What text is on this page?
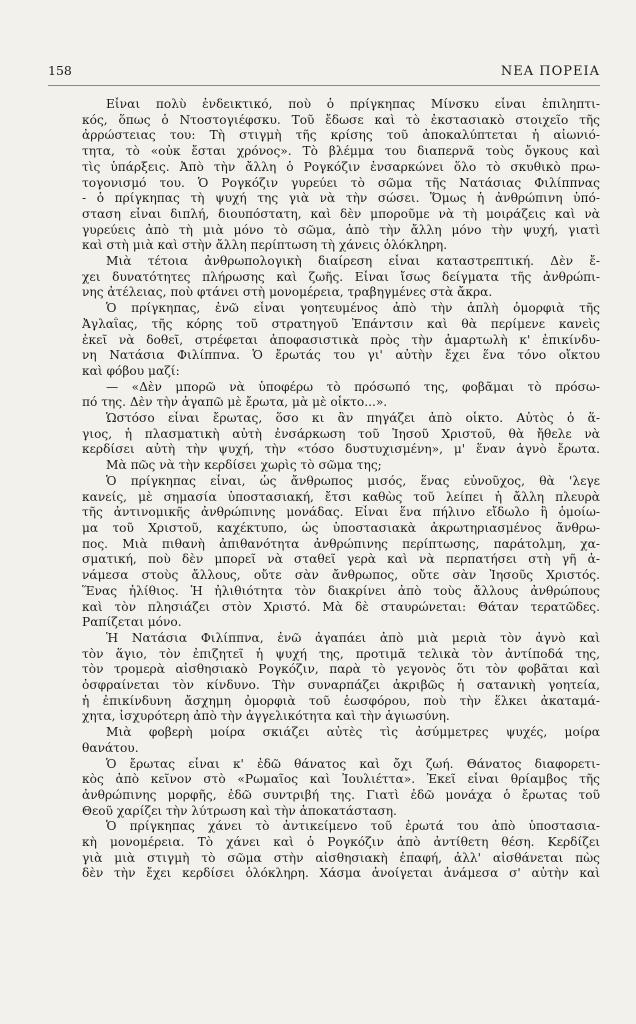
158	ΝΕΑ ΠΟΡΕΙΑ
Εἶναι πολὺ ἐνδεικτικό, ποὺ ὁ πρίγκηπας Μίνσκυ εἶναι ἐπιληπτι-
κός, ὅπως ὁ Ντοστογιέφσκυ. Τοῦ ἔδωσε καὶ τὸ ἐκστασιακὸ στοιχεῖο τῆς
ἀρρώστειας του: Τὴ στιγμὴ τῆς κρίσης τοῦ ἀποκαλύπτεται ἡ αἰωνιό-
τητα, τὸ «οὐκ ἔσται χρόνος». Τὸ βλέμμα του διαπερνᾶ τοὺς ὄγκους καὶ
τὶς ὑπάρξεις. Ἀπὸ τὴν ἄλλη ὁ Ρογκόζιν ἐνσαρκώνει ὅλο τὸ σκυθικὸ πρω-
τογονισμό του. Ὁ Ρογκόζιν γυρεύει τὸ σῶμα τῆς Νατάσιας Φιλίππνας
- ὁ πρίγκηπας τὴ ψυχή της γιὰ νὰ τὴν σώσει. Ὅμως ἡ ἀνθρώπινη ὑπό-
σταση εἶναι διπλή, διουπόστατη, καὶ δὲν μποροῦμε νὰ τὴ μοιράζεις καὶ νὰ
γυρεύεις ἀπὸ τὴ μιὰ μόνο τὸ σῶμα, ἀπὸ τὴν ἄλλη μόνο τὴν ψυχή, γιατὶ
καὶ στὴ μιὰ καὶ στὴν ἄλλη περίπτωση τὴ χάνεις ὁλόκληρη.
Μιὰ τέτοια ἀνθρωπολογικὴ διαίρεση εἶναι καταστρεπτική. Δὲν ἔ-
χει δυνατότητες πλήρωσης καὶ ζωῆς. Εἶναι ἴσως δείγματα τῆς ἀνθρώπι-
νης ἀτέλειας, ποὺ φτάνει στὴ μονομέρεια, τραβηγμένες στὰ ἄκρα.
Ὁ πρίγκηπας, ἐνῶ εἶναι γοητευμένος ἀπὸ τὴν ἁπλὴ ὀμορφιὰ τῆς
Ἀγλαΐας, τῆς κόρης τοῦ στρατηγοῦ Ἐπάντσιν καὶ θὰ περίμενε κανεὶς
ἐκεῖ νὰ δοθεῖ, στρέφεται ἀποφασιστικὰ πρὸς τὴν ἁμαρτωλὴ κ' ἐπικίνδυ-
νη Νατάσια Φιλίππνα. Ὁ ἔρωτάς του γι' αὐτὴν ἔχει ἕνα τόνο οἴκτου
καὶ φόβου μαζί:
— «Δὲν μπορῶ νὰ ὑποφέρω τὸ πρόσωπό της, φοβᾶμαι τὸ πρόσω-
πό της. Δὲν τὴν ἀγαπῶ μὲ ἔρωτα, μὰ μὲ οἶκτο...».
Ὡστόσο εἶναι ἔρωτας, ὅσο κι ἂν πηγάζει ἀπὸ οἶκτο. Αὐτὸς ὁ ἅ-
γιος, ἡ πλασματικὴ αὐτὴ ἐνσάρκωση τοῦ Ἰησοῦ Χριστοῦ, θὰ ἤθελε νὰ
κερδίσει αὐτὴ τὴν ψυχή, τὴν «τόσο δυστυχισμένη», μ' ἕναν ἁγνὸ ἔρωτα.
Μὰ πῶς νὰ τὴν κερδίσει χωρὶς τὸ σῶμα της;
Ὁ πρίγκηπας εἶναι, ὡς ἄνθρωπος μισός, ἕνας εὐνοῦχος, θὰ 'λεγε
κανείς, μὲ σημασία ὑποστασιακή, ἔτσι καθὼς τοῦ λείπει ἡ ἄλλη πλευρὰ
τῆς ἀντινομικῆς ἀνθρώπινης μονάδας. Εἶναι ἕνα πήλινο εἴδωλο ἢ ὁμοίω-
μα τοῦ Χριστοῦ, καχέκτυπο, ὡς ὑποστασιακὰ ἀκρωτηριασμένος ἄνθρω-
πος. Μιὰ πιθανὴ ἀπιθανότητα ἀνθρώπινης περίπτωσης, παράτολμη, χα-
σματική, ποὺ δὲν μπορεῖ νὰ σταθεῖ γερὰ καὶ νὰ περπατήσει στὴ γῆ ἀ-
νάμεσα στοὺς ἄλλους, οὔτε σὰν ἄνθρωπος, οὔτε σὰν Ἰησοῦς Χριστός.
Ἕνας ἠλίθιος. Ἡ ἠλιθιότητα τὸν διακρίνει ἀπὸ τοὺς ἄλλους ἀνθρώπους
καὶ τὸν πλησιάζει στὸν Χριστό. Μὰ δὲ σταυρώνεται: Θάταν τερατῶδες.
Ραπίζεται μόνο.
Ἡ Νατάσια Φιλίππνα, ἐνῶ ἀγαπάει ἀπὸ μιὰ μεριὰ τὸν ἁγνὸ καὶ
τὸν ἅγιο, τὸν ἐπιζητεῖ ἡ ψυχή της, προτιμᾶ τελικὰ τὸν ἀντίποδά της,
τὸν τρομερὰ αἰσθησιακὸ Ρογκόζιν, παρὰ τὸ γεγονὸς ὅτι τὸν φοβᾶται καὶ
ὀσφραίνεται τὸν κίνδυνο. Τὴν συναρπάζει ἀκριβῶς ἡ σατανικὴ γοητεία,
ἡ ἐπικίνδυνη ἄσχημη ὀμορφιὰ τοῦ ἑωσφόρου, ποὺ τὴν ἕλκει ἀκαταμά-
χητα, ἰσχυρότερη ἀπὸ τὴν ἀγγελικότητα καὶ τὴν ἁγιωσύνη.
Μιὰ φοβερὴ μοίρα σκιάζει αὐτὲς τὶς ἀσύμμετρες ψυχές, μοίρα
θανάτου.
Ὁ ἔρωτας εἶναι κ' ἐδῶ θάνατος καὶ ὄχι ζωή. Θάνατος διαφορετι-
κὸς ἀπὸ κεῖνον στὸ «Ρωμαῖος καὶ Ἰουλιέττα». Ἐκεῖ εἶναι θρίαμβος τῆς
ἀνθρώπινης μορφῆς, ἐδῶ συντριβή της. Γιατὶ ἐδῶ μονάχα ὁ ἔρωτας τοῦ
Θεοῦ χαρίζει τὴν λύτρωση καὶ τὴν ἀποκατάσταση.
Ὁ πρίγκηπας χάνει τὸ ἀντικείμενο τοῦ ἐρωτά του ἀπὸ ὑποστασια-
κὴ μονομέρεια. Τὸ χάνει καὶ ὁ Ρογκόζιν ἀπὸ ἀντίθετη θέση. Κερδίζει
γιὰ μιὰ στιγμὴ τὸ σῶμα στὴν αἰσθησιακὴ ἐπαφή, ἀλλ' αἰσθάνεται πὼς
δὲν τὴν ἔχει κερδίσει ὁλόκληρη. Χάσμα ἀνοίγεται ἀνάμεσα σ' αὐτὴν καὶ
